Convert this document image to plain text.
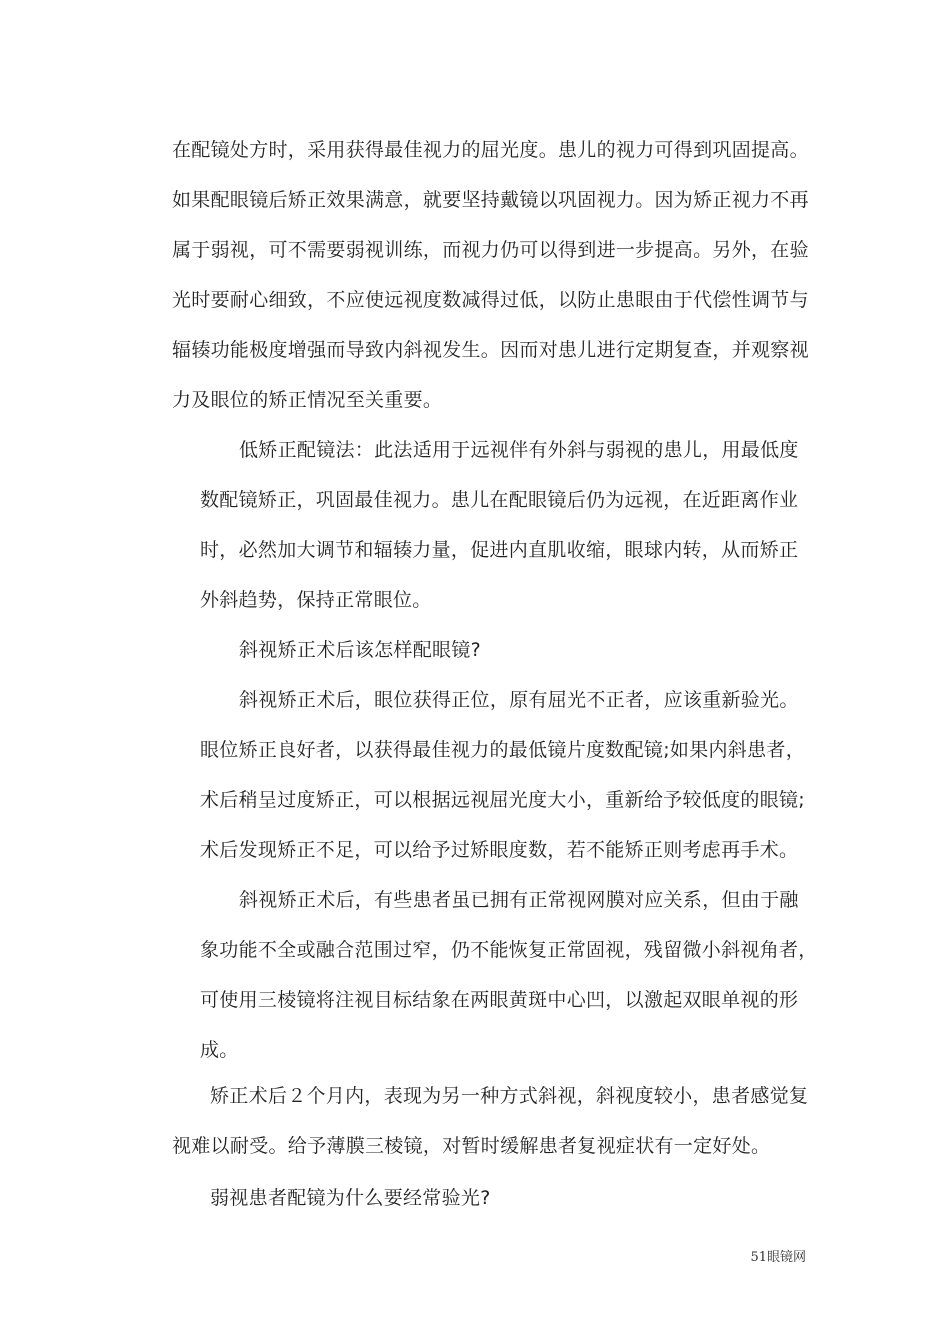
在配镜处方时，采用获得最佳视力的屈光度。患儿的视力可得到巩固提高。
如果配眼镜后矫正效果满意，就要坚持戴镜以巩固视力。因为矫正视力不再
属于弱视，可不需要弱视训练，而视力仍可以得到进一步提高。另外，在验
光时要耐心细致，不应使远视度数减得过低，以防止患眼由于代偿性调节与
辐辏功能极度增强而导致内斜视发生。因而对患儿进行定期复查，并观察视
力及眼位的矫正情况至关重要。
低矫正配镜法：此法适用于远视伴有外斜与弱视的患儿，用最低度
数配镜矫正，巩固最佳视力。患儿在配眼镜后仍为远视，在近距离作业
时，必然加大调节和辐辏力量，促进内直肌收缩，眼球内转，从而矫正
外斜趋势，保持正常眼位。
斜视矫正术后该怎样配眼镜?
斜视矫正术后，眼位获得正位，原有屈光不正者，应该重新验光。
眼位矫正良好者，以获得最佳视力的最低镜片度数配镜;如果内斜患者，
术后稍呈过度矫正，可以根据远视屈光度大小，重新给予较低度的眼镜;
术后发现矫正不足，可以给予过矫眼度数，若不能矫正则考虑再手术。
斜视矫正术后，有些患者虽已拥有正常视网膜对应关系，但由于融
象功能不全或融合范围过窄，仍不能恢复正常固视，残留微小斜视角者，
可使用三棱镜将注视目标结象在两眼黄斑中心凹，以激起双眼单视的形
成。
矫正术后２个月内，表现为另一种方式斜视，斜视度较小，患者感觉复
视难以耐受。给予薄膜三棱镜，对暂时缓解患者复视症状有一定好处。
弱视患者配镜为什么要经常验光?
51眼镜网
